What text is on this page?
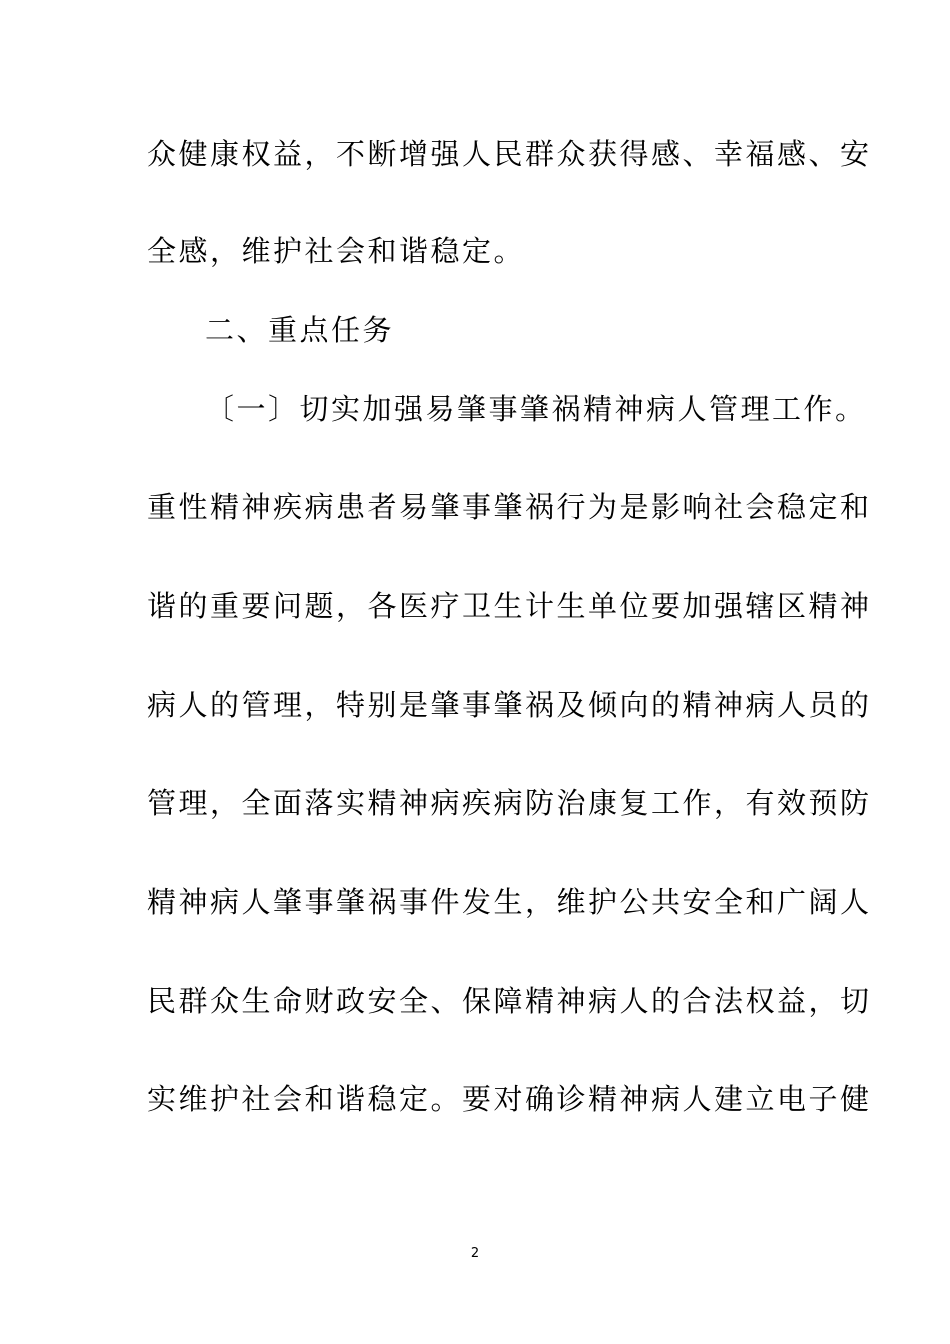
众健康权益，不断增强人民群众获得感、幸福感、安
全感，维护社会和谐稳定。
二、重点任务
〔一〕切实加强易肇事肇祸精神病人管理工作。
重性精神疾病患者易肇事肇祸行为是影响社会稳定和
谐的重要问题，各医疗卫生计生单位要加强辖区精神
病人的管理，特别是肇事肇祸及倾向的精神病人员的
管理，全面落实精神病疾病防治康复工作，有效预防
精神病人肇事肇祸事件发生，维护公共安全和广阔人
民群众生命财政安全、保障精神病人的合法权益，切
实维护社会和谐稳定。要对确诊精神病人建立电子健
2
